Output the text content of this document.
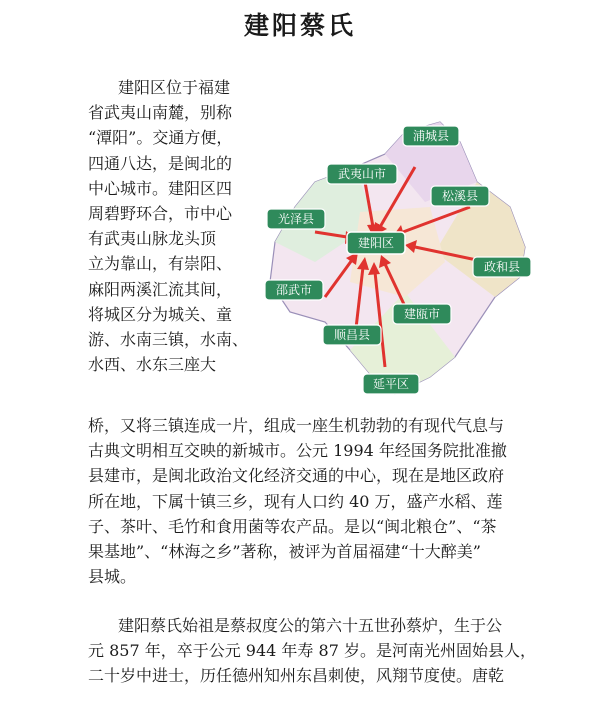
建阳蔡氏
建阳区位于福建
省武夷山南麓，别称
“潭阳”。交通方便，
四通八达，是闽北的
中心城市。建阳区四
周碧野环合，市中心
有武夷山脉龙头顶
立为靠山，有崇阳、
麻阳两溪汇流其间，
将城区分为城关、童
游、水南三镇，水南、
水西、水东三座大
浦城县
武夷山市
松溪县
光泽县
建阳区
政和县
邵武市
建瓯市
顺昌县
延平区
桥，又将三镇连成一片，组成一座生机勃勃的有现代气息与
古典文明相互交映的新城市。公元 1994 年经国务院批准撤
县建市，是闽北政治文化经济交通的中心，现在是地区政府
所在地，下属十镇三乡，现有人口约 40 万，盛产水稻、莲
子、茶叶、毛竹和食用菌等农产品。是以“闽北粮仓”、“茶
果基地”、“林海之乡”著称，被评为首届福建“十大醉美”
县城。
建阳蔡氏始祖是蔡叔度公的第六十五世孙蔡炉，生于公
元 857 年，卒于公元 944 年寿 87 岁。是河南光州固始县人，
二十岁中进士，历任德州知州东昌刺使，风翔节度使。唐乾
